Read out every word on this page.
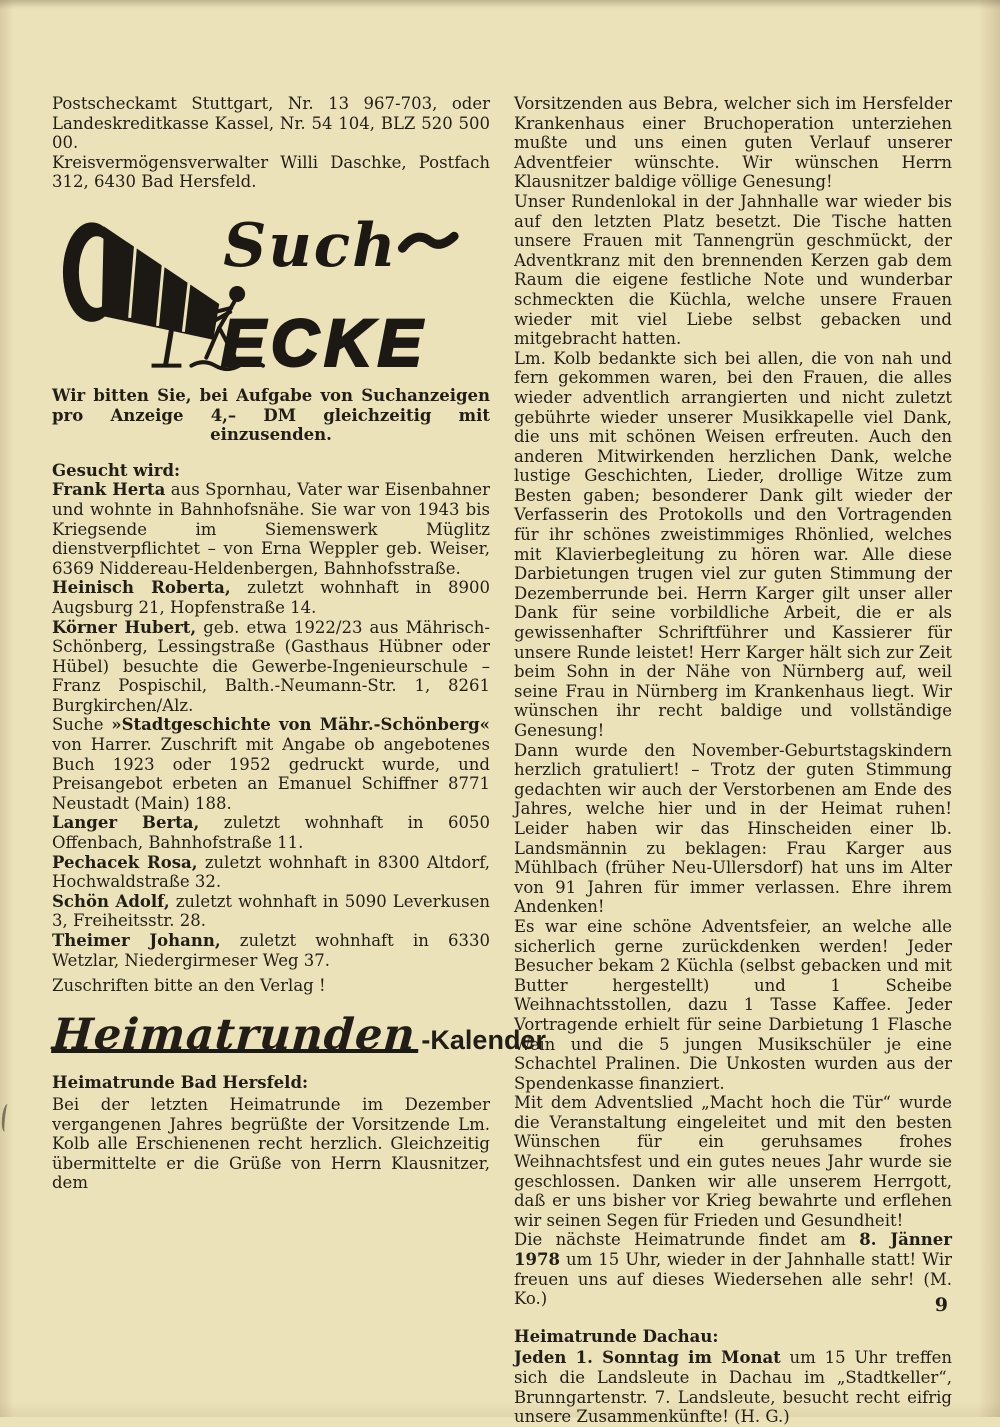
Postscheckamt Stuttgart, Nr. 13 967-703, oder Landeskreditkasse Kassel, Nr. 54 104, BLZ 520 500 00.

Kreisvermögensverwalter Willi Daschke, Postfach 312, 6430 Bad Hersfeld.

Such
ECKE

Wir bitten Sie, bei Aufgabe von Suchanzeigen pro Anzeige 4,– DM gleichzeitig mit einzusenden.

Gesucht wird:

Frank Herta aus Spornhau, Vater war Eisenbahner und wohnte in Bahnhofsnähe. Sie war von 1943 bis Kriegsende im Siemenswerk Müglitz dienstverpflichtet – von Erna Weppler geb. Weiser, 6369 Niddereau-Heldenbergen, Bahnhofsstraße.

Heinisch Roberta, zuletzt wohnhaft in 8900 Augsburg 21, Hopfenstraße 14.

Körner Hubert, geb. etwa 1922/23 aus Mährisch-Schönberg, Lessingstraße (Gasthaus Hübner oder Hübel) besuchte die Gewerbe-Ingenieurschule – Franz Pospischil, Balth.-Neumann-Str. 1, 8261 Burgkirchen/Alz.

Suche »Stadtgeschichte von Mähr.-Schönberg« von Harrer. Zuschrift mit Angabe ob angebotenes Buch 1923 oder 1952 gedruckt wurde, und Preisangebot erbeten an Emanuel Schiffner 8771 Neustadt (Main) 188.

Langer Berta, zuletzt wohnhaft in 6050 Offenbach, Bahnhofstraße 11.

Pechacek Rosa, zuletzt wohnhaft in 8300 Altdorf, Hochwaldstraße 32.

Schön Adolf, zuletzt wohnhaft in 5090 Leverkusen 3, Freiheitsstr. 28.

Theimer Johann, zuletzt wohnhaft in 6330 Wetzlar, Niedergirmeser Weg 37.

Zuschriften bitte an den Verlag !

Heimatrunden -Kalender

Heimatrunde Bad Hersfeld:

Bei der letzten Heimatrunde im Dezember vergangenen Jahres begrüßte der Vorsitzende Lm. Kolb alle Erschienenen recht herzlich. Gleichzeitig übermittelte er die Grüße von Herrn Klausnitzer, dem

Vorsitzenden aus Bebra, welcher sich im Hersfelder Krankenhaus einer Bruchoperation unterziehen mußte und uns einen guten Verlauf unserer Adventfeier wünschte. Wir wünschen Herrn Klausnitzer baldige völlige Genesung!

Unser Rundenlokal in der Jahnhalle war wieder bis auf den letzten Platz besetzt. Die Tische hatten unsere Frauen mit Tannengrün geschmückt, der Adventkranz mit den brennenden Kerzen gab dem Raum die eigene festliche Note und wunderbar schmeckten die Küchla, welche unsere Frauen wieder mit viel Liebe selbst gebacken und mitgebracht hatten.

Lm. Kolb bedankte sich bei allen, die von nah und fern gekommen waren, bei den Frauen, die alles wieder adventlich arrangierten und nicht zuletzt gebührte wieder unserer Musikkapelle viel Dank, die uns mit schönen Weisen erfreuten. Auch den anderen Mitwirkenden herzlichen Dank, welche lustige Geschichten, Lieder, drollige Witze zum Besten gaben; besonderer Dank gilt wieder der Verfasserin des Protokolls und den Vortragenden für ihr schönes zweistimmiges Rhönlied, welches mit Klavierbegleitung zu hören war. Alle diese Darbietungen trugen viel zur guten Stimmung der Dezemberrunde bei. Herrn Karger gilt unser aller Dank für seine vorbildliche Arbeit, die er als gewissenhafter Schriftführer und Kassierer für unsere Runde leistet! Herr Karger hält sich zur Zeit beim Sohn in der Nähe von Nürnberg auf, weil seine Frau in Nürnberg im Krankenhaus liegt. Wir wünschen ihr recht baldige und vollständige Genesung!

Dann wurde den November-Geburtstagskindern herzlich gratuliert! – Trotz der guten Stimmung gedachten wir auch der Verstorbenen am Ende des Jahres, welche hier und in der Heimat ruhen! Leider haben wir das Hinscheiden einer lb. Landsmännin zu beklagen: Frau Karger aus Mühlbach (früher Neu-Ullersdorf) hat uns im Alter von 91 Jahren für immer verlassen. Ehre ihrem Andenken!

Es war eine schöne Adventsfeier, an welche alle sicherlich gerne zurückdenken werden! Jeder Besucher bekam 2 Küchla (selbst gebacken und mit Butter hergestellt) und 1 Scheibe Weihnachtsstollen, dazu 1 Tasse Kaffee. Jeder Vortragende erhielt für seine Darbietung 1 Flasche Wein und die 5 jungen Musikschüler je eine Schachtel Pralinen. Die Unkosten wurden aus der Spendenkasse finanziert.

Mit dem Adventslied „Macht hoch die Tür“ wurde die Veranstaltung eingeleitet und mit den besten Wünschen für ein geruhsames frohes Weihnachtsfest und ein gutes neues Jahr wurde sie geschlossen. Danken wir alle unserem Herrgott, daß er uns bisher vor Krieg bewahrte und erflehen wir seinen Segen für Frieden und Gesundheit!

Die nächste Heimatrunde findet am 8. Jänner 1978 um 15 Uhr, wieder in der Jahnhalle statt! Wir freuen uns auf dieses Wiedersehen alle sehr! (M. Ko.)

Heimatrunde Dachau:

Jeden 1. Sonntag im Monat um 15 Uhr treffen sich die Landsleute in Dachau im „Stadtkeller“, Brunngartenstr. 7. Landsleute, besucht recht eifrig unsere Zusammenkünfte! (H. G.)

9
